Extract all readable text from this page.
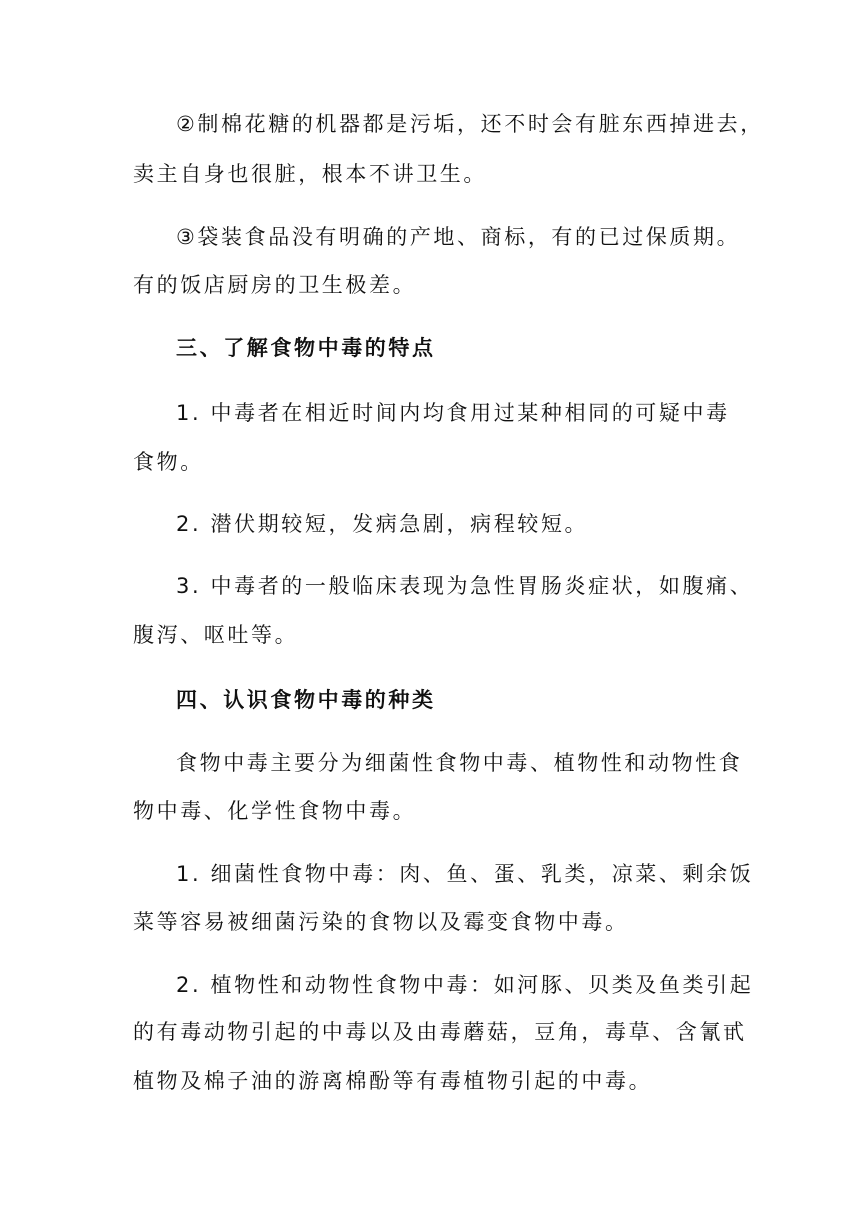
②制棉花糖的机器都是污垢，还不时会有脏东西掉进去，
卖主自身也很脏，根本不讲卫生。
③袋装食品没有明确的产地、商标，有的已过保质期。
有的饭店厨房的卫生极差。
三、了解食物中毒的特点
1. 中毒者在相近时间内均食用过某种相同的可疑中毒
食物。
2. 潜伏期较短，发病急剧，病程较短。
3. 中毒者的一般临床表现为急性胃肠炎症状，如腹痛、
腹泻、呕吐等。
四、认识食物中毒的种类
食物中毒主要分为细菌性食物中毒、植物性和动物性食
物中毒、化学性食物中毒。
1. 细菌性食物中毒：肉、鱼、蛋、乳类，凉菜、剩余饭
菜等容易被细菌污染的食物以及霉变食物中毒。
2. 植物性和动物性食物中毒：如河豚、贝类及鱼类引起
的有毒动物引起的中毒以及由毒蘑菇，豆角，毒草、含氰甙
植物及棉子油的游离棉酚等有毒植物引起的中毒。
